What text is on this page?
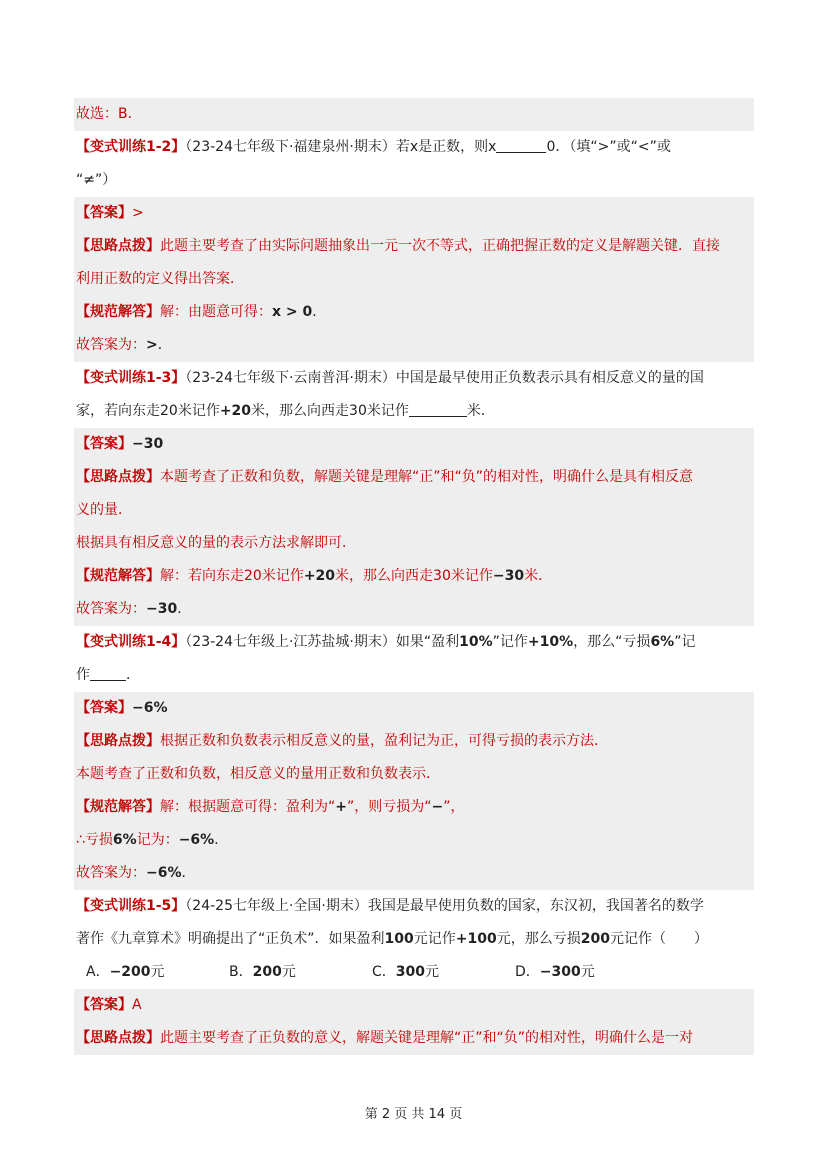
故选：B．
【变式训练1-2】（23-24七年级下·福建泉州·期末）若x是正数，则x	0．（填“>”或“<”或
“≠”）
【答案】>
【思路点拨】此题主要考查了由实际问题抽象出一元一次不等式，正确把握正数的定义是解题关键．直接
利用正数的定义得出答案．
【规范解答】解：由题意可得：x > 0．
故答案为：>．
【变式训练1-3】（23-24七年级下·云南普洱·期末）中国是最早使用正负数表示具有相反意义的量的国
家，若向东走20米记作+20米，那么向西走30米记作	米．
【答案】−30
【思路点拨】本题考查了正数和负数，解题关键是理解“正”和“负”的相对性，明确什么是具有相反意
义的量．
根据具有相反意义的量的表示方法求解即可．
【规范解答】解：若向东走20米记作+20米，那么向西走30米记作−30米．
故答案为：−30．
【变式训练1-4】（23-24七年级上·江苏盐城·期末）如果“盈利10%”记作+10%，那么“亏损6%”记
作	．
【答案】−6%
【思路点拨】根据正数和负数表示相反意义的量，盈利记为正，可得亏损的表示方法．
本题考查了正数和负数，相反意义的量用正数和负数表示．
【规范解答】解：根据题意可得：盈利为“+”，则亏损为“−”，
∴亏损6%记为：−6%．
故答案为：−6%．
【变式训练1-5】（24-25七年级上·全国·期末）我国是最早使用负数的国家，东汉初，我国著名的数学
著作《九章算术》明确提出了“正负术”．如果盈利100元记作+100元，那么亏损200元记作（　　）
A．−200元	B．200元	C．300元	D．−300元
【答案】A
【思路点拨】此题主要考查了正负数的意义，解题关键是理解“正”和“负”的相对性，明确什么是一对
第 2 页 共 14 页
